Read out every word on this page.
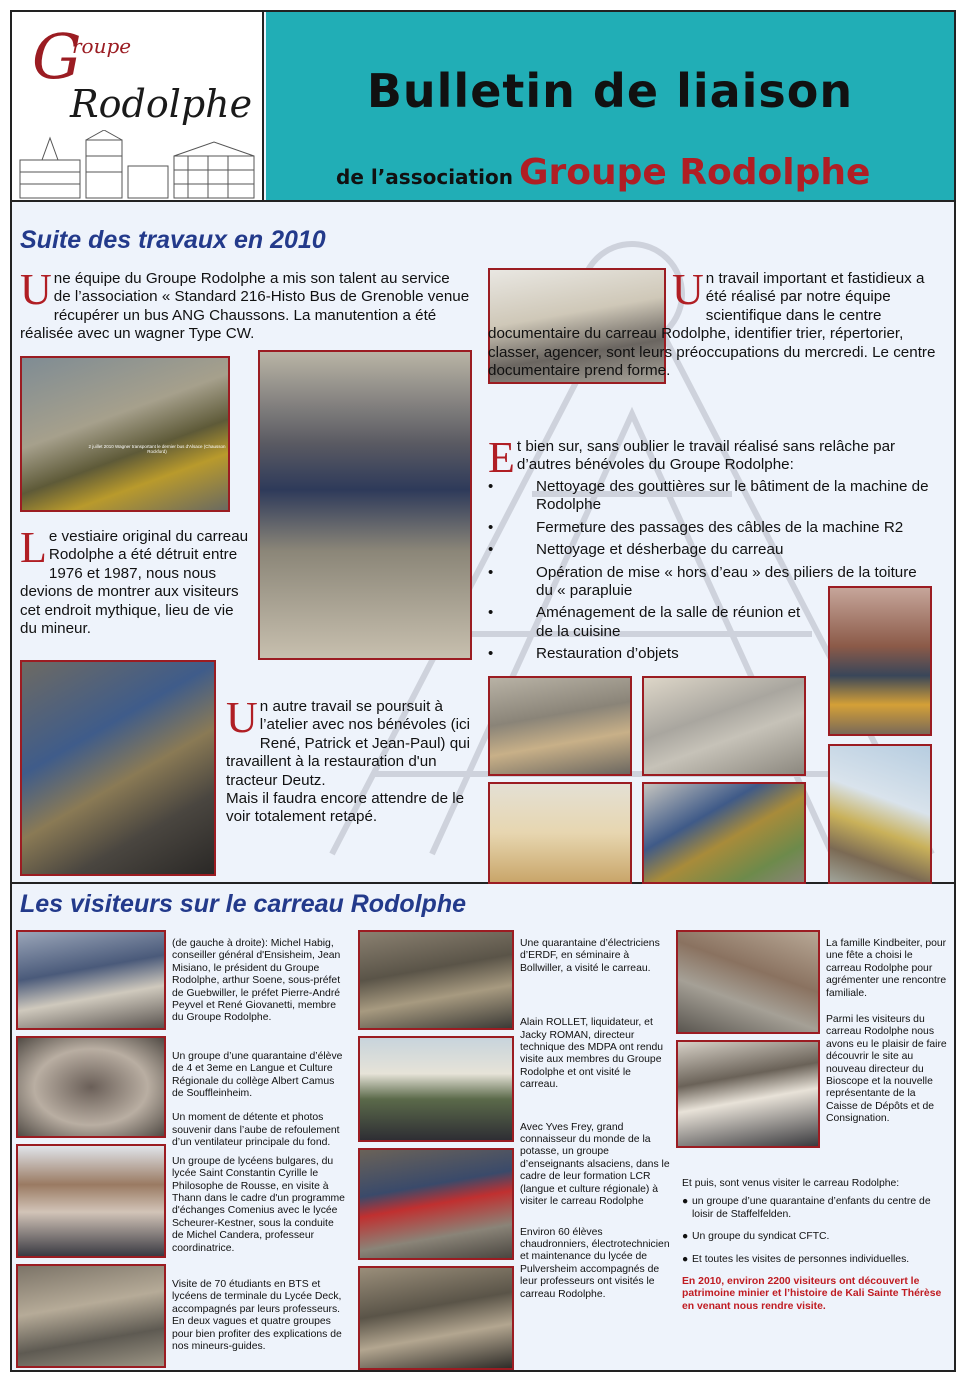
G
roupe
Rodolphe	Bulletin de liaison
de l’association Groupe Rodolphe
Suite des travaux en 2010
Une équipe du Groupe Rodolphe a mis son talent au service de l’association « Standard 216-Histo Bus de Grenoble venue récupérer un bus ANG Chaussons. La manutention a été réalisée avec un wagner Type CW.
2 juillet 2010 Wagner transportant le dernier bus d'Alsace (Chausson Rockford)
Le vestiaire original du carreau Rodolphe a été détruit entre 1976 et 1987, nous nous devions de montrer aux visiteurs cet endroit mythique, lieu de vie du mineur.
Un autre travail se poursuit à l’atelier avec nos bénévoles (ici René, Patrick et Jean-Paul) qui travaillent à la restauration d'un tracteur Deutz.
Mais il faudra encore attendre de le voir totalement retapé.
Un travail important et fastidieux a été réalisé par notre équipe scientifique dans le centre documentaire du carreau Rodolphe, identifier trier, répertorier, classer, agencer, sont leurs préoccupations du mercredi. Le centre documentaire prend forme.
Et bien sur, sans oublier le travail réalisé sans relâche par d’autres bénévoles du Groupe Rodolphe:
•	Nettoyage des gouttières sur le bâtiment de la machine de Rodolphe
•	Fermeture des passages des câbles de la machine R2
•	Nettoyage et désherbage du carreau
•	Opération de mise « hors d’eau » des piliers de la toiture du « parapluie
•	Aménagement de la salle de réunion et de la cuisine
•	Restauration d’objets
Les visiteurs sur le carreau Rodolphe

(de gauche à droite): Michel Habig, conseiller général d'Ensisheim, Jean Misiano, le président du Groupe Rodolphe, arthur Soene, sous-préfet de Guebwiller, le préfet Pierre-André Peyvel et René Giovanetti, membre du Groupe Rodolphe.

Un groupe d’une quarantaine d’élève de 4 et 3eme en Langue et Culture Régionale du collège Albert Camus de Souffleinheim.

Un moment de détente et photos souvenir dans l’aube de refoulement d’un ventilateur principale du fond.

Un groupe de lycéens bulgares, du lycée Saint Constantin Cyrille le Philosophe de Rousse, en visite à Thann dans le cadre d'un programme d'échanges Comenius avec le lycée Scheurer-Kestner, sous la conduite de Michel Candera, professeur coordinatrice.

Visite de 70 étudiants en BTS et lycéens de terminale du Lycée Deck, accompagnés par leurs professeurs. En deux vagues et quatre groupes pour bien profiter des explications de nos mineurs-guides.

Une quarantaine d’électriciens d’ERDF, en séminaire à Bollwiller, a visité le carreau.

Alain ROLLET, liquidateur, et Jacky ROMAN, directeur technique des MDPA ont rendu visite aux membres du Groupe Rodolphe et ont visité le carreau.

Avec Yves Frey, grand connaisseur du monde de la potasse, un groupe d’enseignants alsaciens, dans le cadre de leur formation LCR (langue et culture régionale) à visiter le carreau Rodolphe

Environ 60 élèves chaudronniers, électrotechnicien et maintenance du lycée de Pulversheim accompagnés de leur professeurs ont visités le carreau Rodolphe.

La famille Kindbeiter, pour une fête a choisi le carreau Rodolphe pour agrémenter une rencontre familiale.

Parmi les visiteurs du carreau Rodolphe nous avons eu le plaisir de faire découvrir le site au nouveau directeur du Bioscope et la nouvelle représentante de la Caisse de Dépôts et de Consignation.

Et puis, sont venus visiter le carreau Rodolphe:

● un groupe d’une quarantaine d’enfants du centre de loisir de Staffelfelden.
● Un groupe du syndicat CFTC.
● Et toutes les visites de personnes individuelles.

En 2010, environ 2200 visiteurs ont découvert le patrimoine minier et l’histoire de Kali Sainte Thérèse en venant nous rendre visite.
